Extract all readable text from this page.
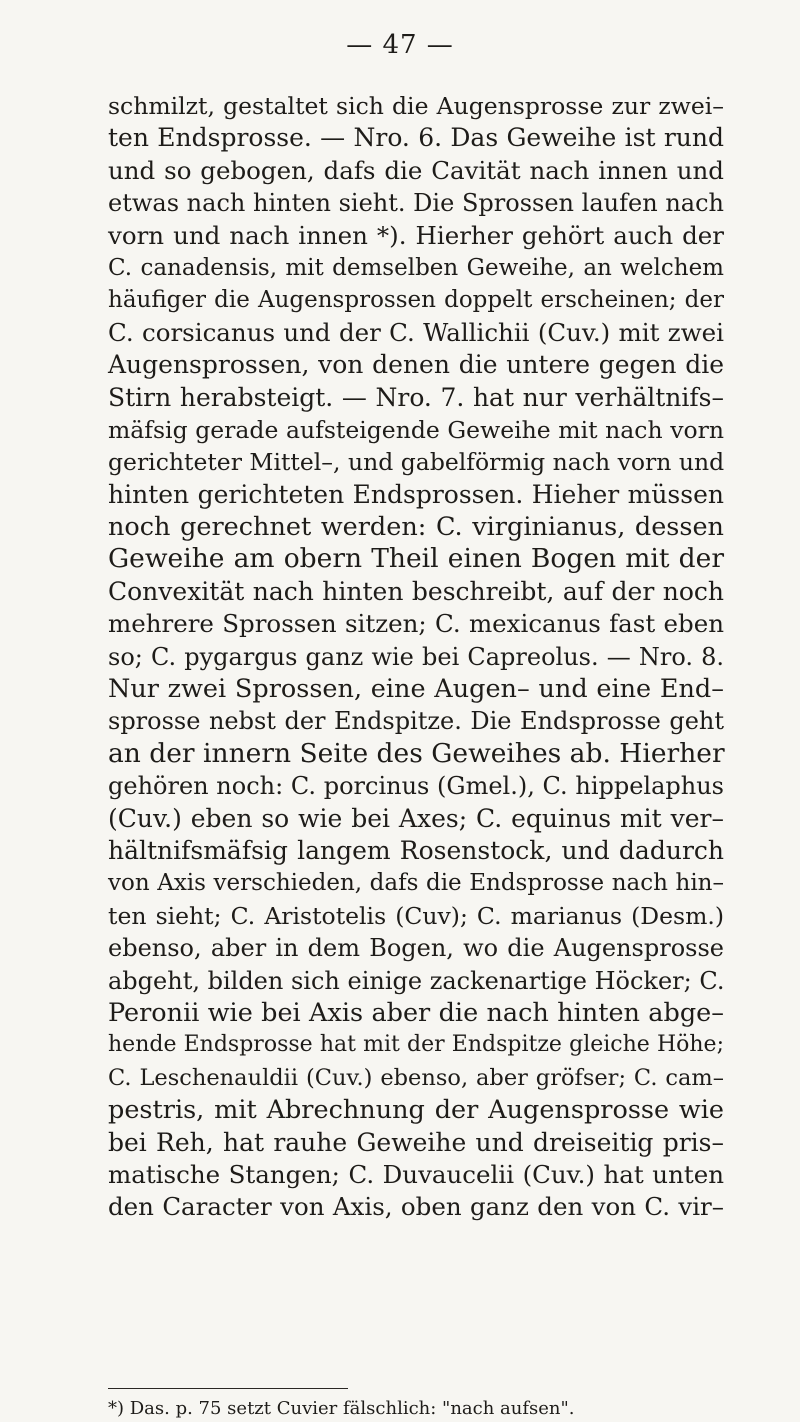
— 47 —
schmilzt, gestaltet sich die Augensprosse zur zwei–
ten Endsprosse. — Nro. 6. Das Geweihe ist rund
und so gebogen, dafs die Cavität nach innen und
etwas nach hinten sieht. Die Sprossen laufen nach
vorn und nach innen *). Hierher gehört auch der
C. canadensis, mit demselben Geweihe, an welchem
häufiger die Augensprossen doppelt erscheinen; der
C. corsicanus und der C. Wallichii (Cuv.) mit zwei
Augensprossen, von denen die untere gegen die
Stirn herabsteigt. — Nro. 7. hat nur verhältnifs–
mäfsig gerade aufsteigende Geweihe mit nach vorn
gerichteter Mittel–, und gabelförmig nach vorn und
hinten gerichteten Endsprossen. Hieher müssen
noch gerechnet werden: C. virginianus, dessen
Geweihe am obern Theil einen Bogen mit der
Convexität nach hinten beschreibt, auf der noch
mehrere Sprossen sitzen; C. mexicanus fast eben
so; C. pygargus ganz wie bei Capreolus. — Nro. 8.
Nur zwei Sprossen, eine Augen– und eine End–
sprosse nebst der Endspitze. Die Endsprosse geht
an der innern Seite des Geweihes ab. Hierher
gehören noch: C. porcinus (Gmel.), C. hippelaphus
(Cuv.) eben so wie bei Axes; C. equinus mit ver–
hältnifsmäfsig langem Rosenstock, und dadurch
von Axis verschieden, dafs die Endsprosse nach hin–
ten sieht; C. Aristotelis (Cuv); C. marianus (Desm.)
ebenso, aber in dem Bogen, wo die Augensprosse
abgeht, bilden sich einige zackenartige Höcker; C.
Peronii wie bei Axis aber die nach hinten abge–
hende Endsprosse hat mit der Endspitze gleiche Höhe;
C. Leschenauldii (Cuv.) ebenso, aber gröfser; C. cam–
pestris, mit Abrechnung der Augensprosse wie
bei Reh, hat rauhe Geweihe und dreiseitig pris–
matische Stangen; C. Duvaucelii (Cuv.) hat unten
den Caracter von Axis, oben ganz den von C. vir–
*) Das. p. 75 setzt Cuvier fälschlich: "nach aufsen".
